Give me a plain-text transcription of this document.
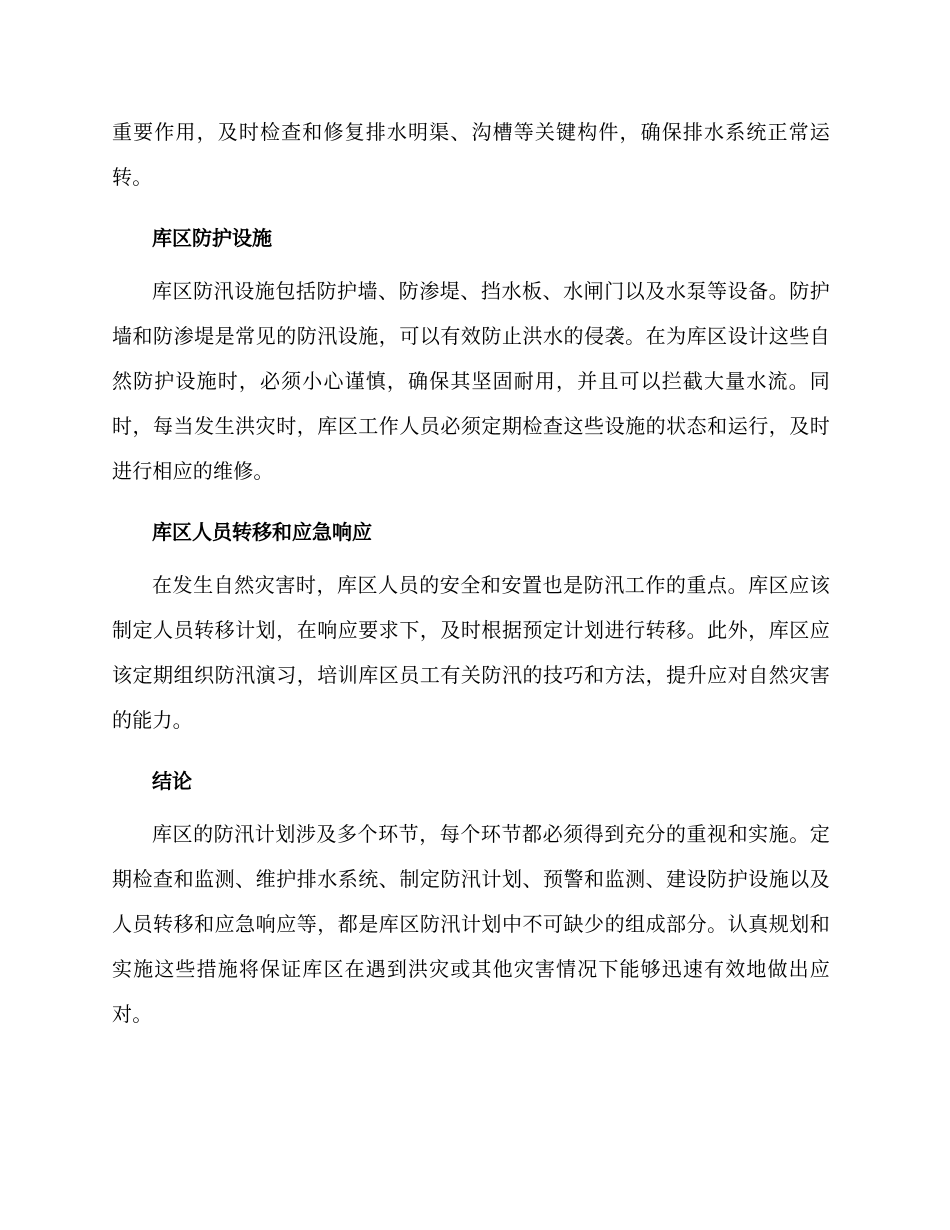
重要作用，及时检查和修复排水明渠、沟槽等关键构件，确保排水系统正常运转。

库区防护设施

库区防汛设施包括防护墙、防渗堤、挡水板、水闸门以及水泵等设备。防护墙和防渗堤是常见的防汛设施，可以有效防止洪水的侵袭。在为库区设计这些自然防护设施时，必须小心谨慎，确保其坚固耐用，并且可以拦截大量水流。同时，每当发生洪灾时，库区工作人员必须定期检查这些设施的状态和运行，及时进行相应的维修。

库区人员转移和应急响应

在发生自然灾害时，库区人员的安全和安置也是防汛工作的重点。库区应该制定人员转移计划，在响应要求下，及时根据预定计划进行转移。此外，库区应该定期组织防汛演习，培训库区员工有关防汛的技巧和方法，提升应对自然灾害的能力。

结论

库区的防汛计划涉及多个环节，每个环节都必须得到充分的重视和实施。定期检查和监测、维护排水系统、制定防汛计划、预警和监测、建设防护设施以及人员转移和应急响应等，都是库区防汛计划中不可缺少的组成部分。认真规划和实施这些措施将保证库区在遇到洪灾或其他灾害情况下能够迅速有效地做出应对。
